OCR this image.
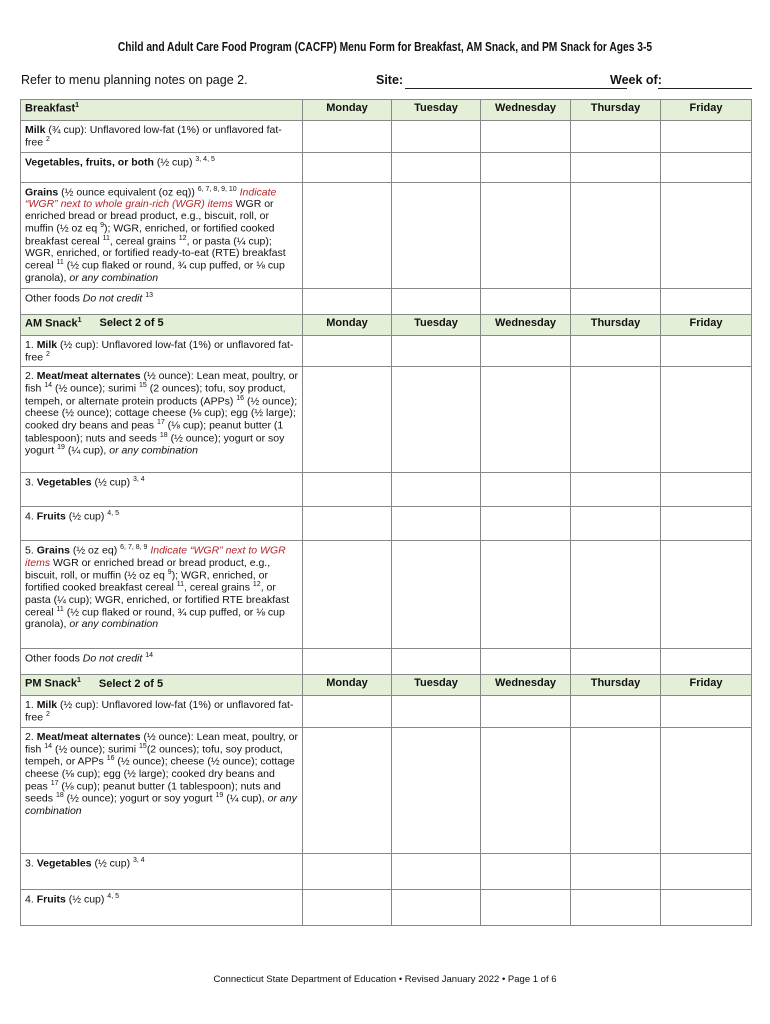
Child and Adult Care Food Program (CACFP) Menu Form for Breakfast, AM Snack, and PM Snack for Ages 3-5
Refer to menu planning notes on page 2.	Site:	Week of:
Breakfast$^1$	Monday	Tuesday	Wednesday	Thursday	Friday
Milk (¾ cup): Unflavored low-fat (1%) or unflavored fat-free $^2$					
Vegetables, fruits, or both (½ cup) $^{3, 4, 5}$					
Grains (½ ounce equivalent (oz eq)) $^{6, 7, 8, 9, 10}$ Indicate “WGR” next to whole grain-rich (WGR) items WGR or enriched bread or bread product, e.g., biscuit, roll, or muffin (½ oz eq $^9$); WGR, enriched, or fortified cooked breakfast cereal $^{11}$, cereal grains $^{12}$, or pasta (¼ cup); WGR, enriched, or fortified ready-to-eat (RTE) breakfast cereal $^{11}$ (½ cup flaked or round, ¾ cup puffed, or ⅛ cup granola), or any combination					
Other foods Do not credit $^{13}$					
AM Snack$^1$ Select 2 of 5	Monday	Tuesday	Wednesday	Thursday	Friday
1. Milk (½ cup): Unflavored low-fat (1%) or unflavored fat-free $^2$					
2. Meat/meat alternates (½ ounce): Lean meat, poultry, or fish $^{14}$ (½ ounce); surimi $^{15}$ (2 ounces); tofu, soy product, tempeh, or alternate protein products (APPs) $^{16}$ (½ ounce); cheese (½ ounce); cottage cheese (⅛ cup); egg (½ large); cooked dry beans and peas $^{17}$ (⅛ cup); peanut butter (1 tablespoon); nuts and seeds $^{18}$ (½ ounce); yogurt or soy yogurt $^{19}$ (¼ cup), or any combination					
3. Vegetables (½ cup) $^{3, 4}$					
4. Fruits (½ cup) $^{4, 5}$					
5. Grains (½ oz eq) $^{6, 7, 8, 9}$ Indicate “WGR” next to WGR items WGR or enriched bread or bread product, e.g., biscuit, roll, or muffin (½ oz eq $^9$); WGR, enriched, or fortified cooked breakfast cereal $^{11}$, cereal grains $^{12}$, or pasta (¼ cup); WGR, enriched, or fortified RTE breakfast cereal $^{11}$ (½ cup flaked or round, ¾ cup puffed, or ⅛ cup granola), or any combination					
Other foods Do not credit $^{14}$					
PM Snack$^1$ Select 2 of 5	Monday	Tuesday	Wednesday	Thursday	Friday
1. Milk (½ cup): Unflavored low-fat (1%) or unflavored fat-free $^2$					
2. Meat/meat alternates (½ ounce): Lean meat, poultry, or fish $^{14}$ (½ ounce); surimi $^{15}$(2 ounces); tofu, soy product, tempeh, or APPs $^{16}$ (½ ounce); cheese (½ ounce); cottage cheese (⅛ cup); egg (½ large); cooked dry beans and peas $^{17}$ (⅛ cup); peanut butter (1 tablespoon); nuts and seeds $^{18}$ (½ ounce); yogurt or soy yogurt $^{19}$ (¼ cup), or any combination					
3. Vegetables (½ cup) $^{3, 4}$					
4. Fruits (½ cup) $^{4, 5}$					
Connecticut State Department of Education • Revised January 2022 • Page 1 of 6
